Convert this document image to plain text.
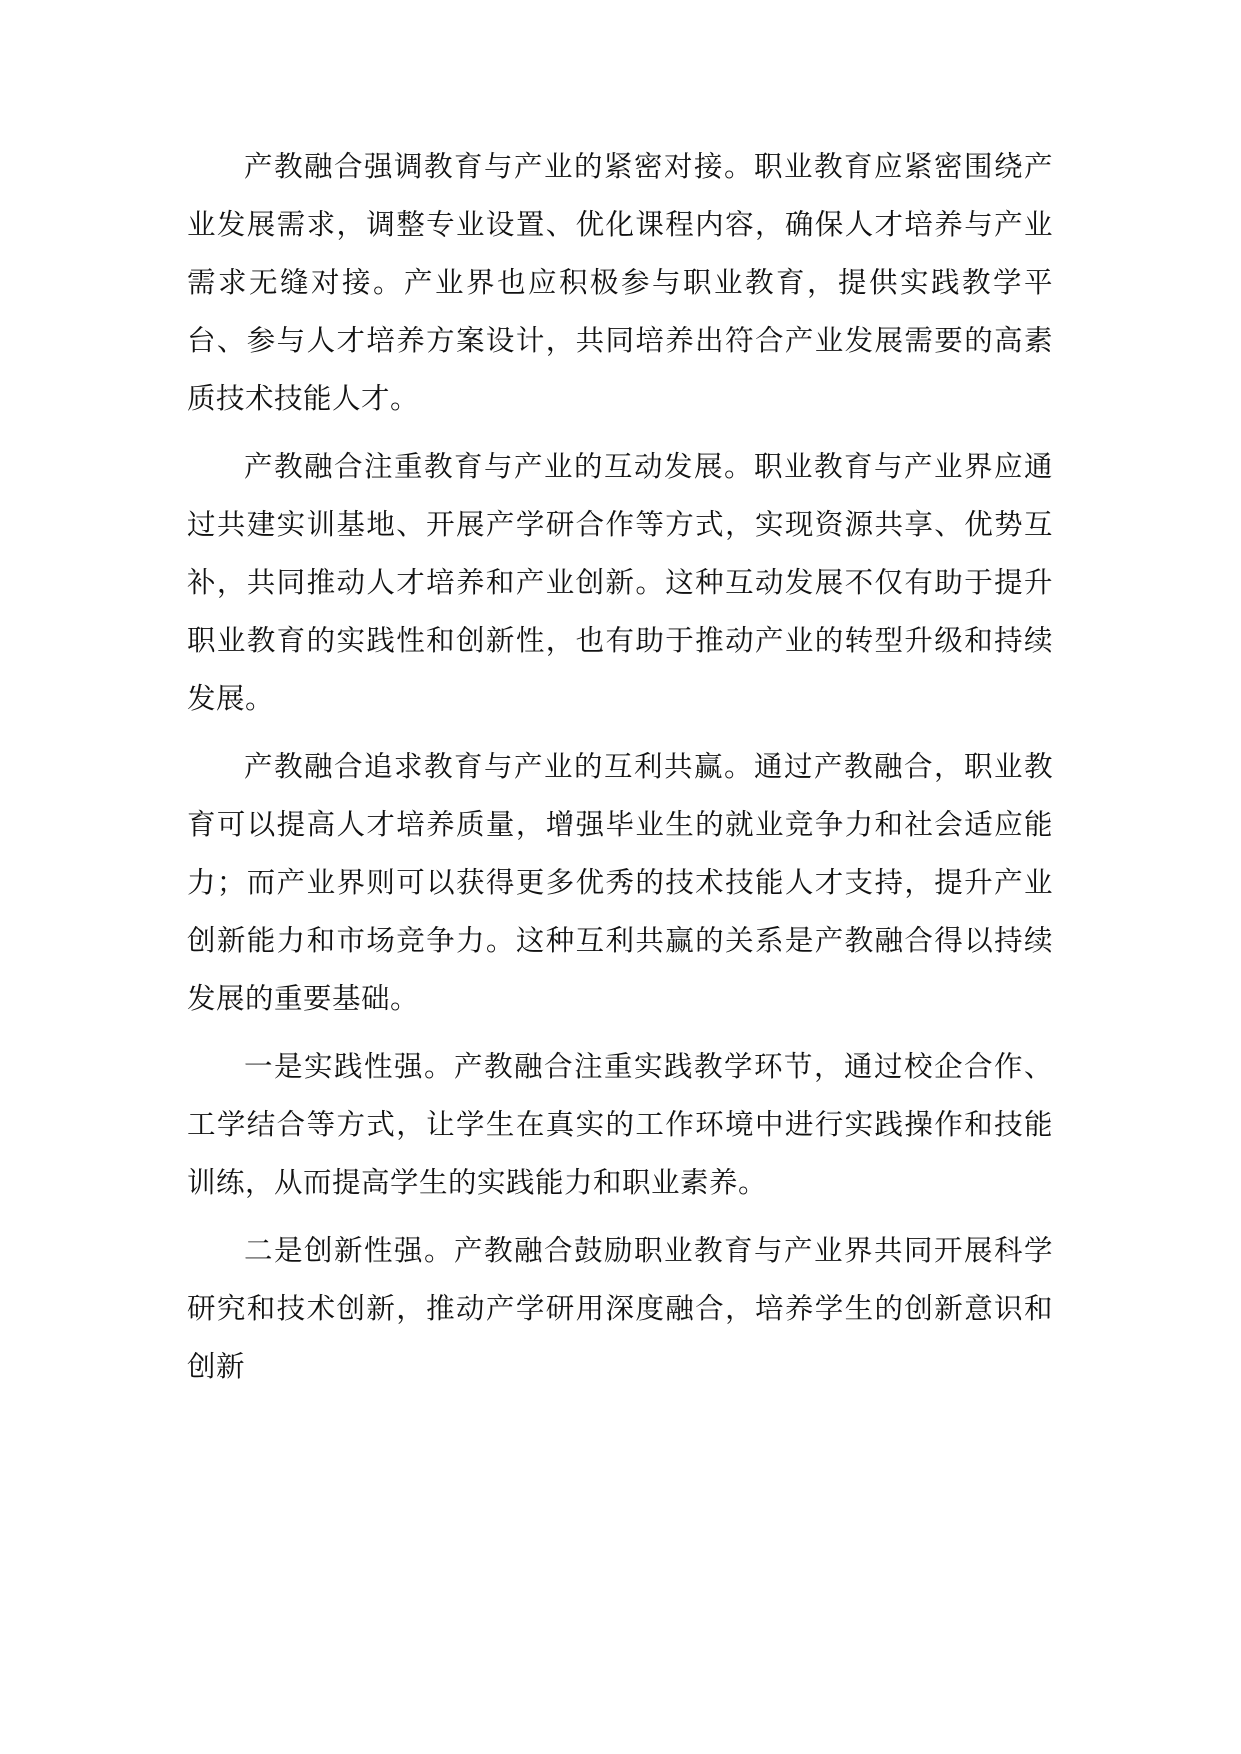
产教融合强调教育与产业的紧密对接。职业教育应紧密围绕产业发展需求，调整专业设置、优化课程内容，确保人才培养与产业需求无缝对接。产业界也应积极参与职业教育，提供实践教学平台、参与人才培养方案设计，共同培养出符合产业发展需要的高素质技术技能人才。

产教融合注重教育与产业的互动发展。职业教育与产业界应通过共建实训基地、开展产学研合作等方式，实现资源共享、优势互补，共同推动人才培养和产业创新。这种互动发展不仅有助于提升职业教育的实践性和创新性，也有助于推动产业的转型升级和持续发展。

产教融合追求教育与产业的互利共赢。通过产教融合，职业教育可以提高人才培养质量，增强毕业生的就业竞争力和社会适应能力；而产业界则可以获得更多优秀的技术技能人才支持，提升产业创新能力和市场竞争力。这种互利共赢的关系是产教融合得以持续发展的重要基础。

一是实践性强。产教融合注重实践教学环节，通过校企合作、工学结合等方式，让学生在真实的工作环境中进行实践操作和技能训练，从而提高学生的实践能力和职业素养。

二是创新性强。产教融合鼓励职业教育与产业界共同开展科学研究和技术创新，推动产学研用深度融合，培养学生的创新意识和创新
